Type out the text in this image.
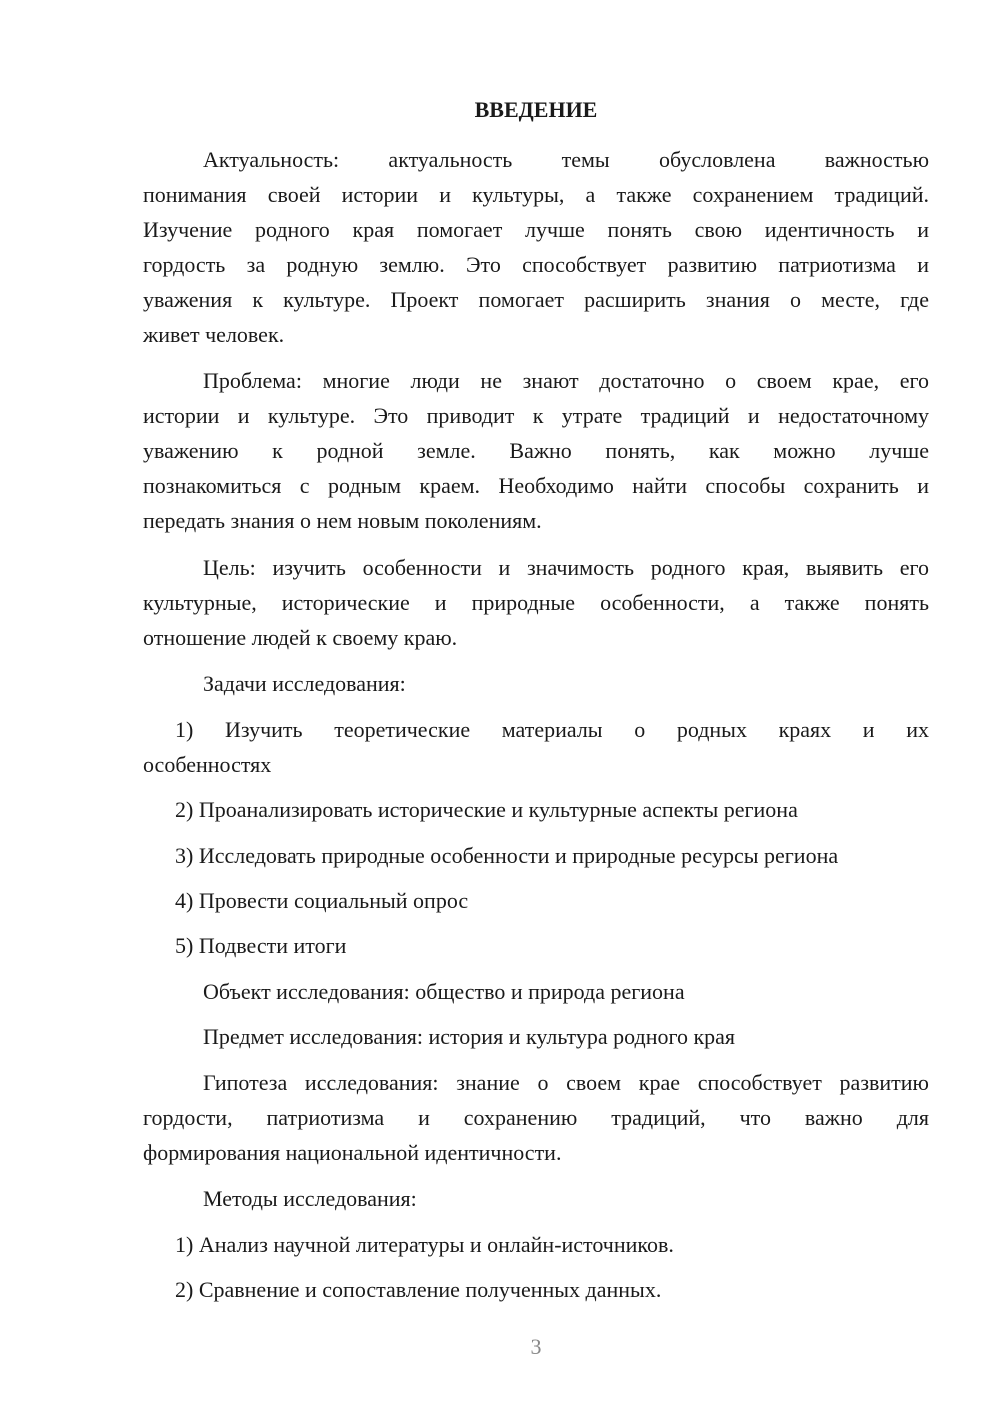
ВВЕДЕНИЕ
Актуальность: актуальность темы обусловлена важностью
понимания своей истории и культуры, а также сохранением традиций.
Изучение родного края помогает лучше понять свою идентичность и
гордость за родную землю. Это способствует развитию патриотизма и
уважения к культуре. Проект помогает расширить знания о месте, где
живет человек.
Проблема: многие люди не знают достаточно о своем крае, его
истории и культуре. Это приводит к утрате традиций и недостаточному
уважению к родной земле. Важно понять, как можно лучше
познакомиться с родным краем. Необходимо найти способы сохранить и
передать знания о нем новым поколениям.
Цель: изучить особенности и значимость родного края, выявить его
культурные, исторические и природные особенности, а также понять
отношение людей к своему краю.
Задачи исследования:
1) Изучить теоретические материалы о родных краях и их
особенностях
2) Проанализировать исторические и культурные аспекты региона
3) Исследовать природные особенности и природные ресурсы региона
4) Провести социальный опрос
5) Подвести итоги
Объект исследования: общество и природа региона
Предмет исследования: история и культура родного края
Гипотеза исследования: знание о своем крае способствует развитию
гордости, патриотизма и сохранению традиций, что важно для
формирования национальной идентичности.
Методы исследования:
1) Анализ научной литературы и онлайн-источников.
2) Сравнение и сопоставление полученных данных.
3
